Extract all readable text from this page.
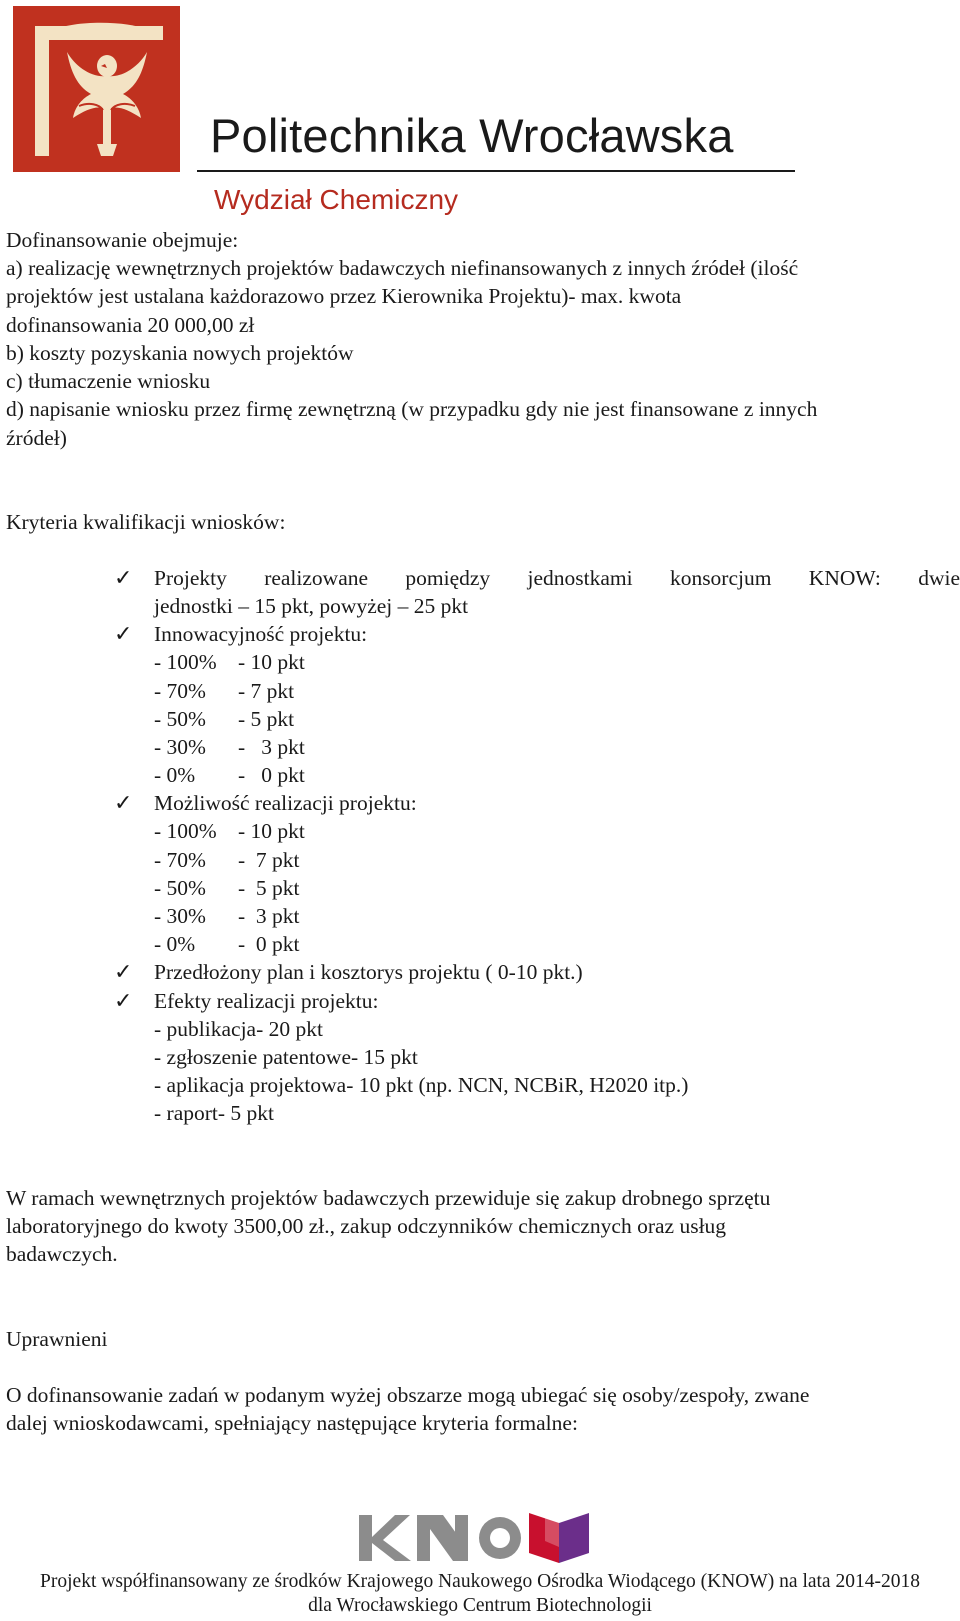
Politechnika Wrocławska
Wydział Chemiczny
Dofinansowanie obejmuje:
a) realizację wewnętrznych projektów badawczych niefinansowanych z innych źródeł (ilość
projektów jest ustalana każdorazowo przez Kierownika Projektu)- max. kwota
dofinansowania 20 000,00 zł
b) koszty pozyskania nowych projektów
c) tłumaczenie wniosku
d) napisanie wniosku przez firmę zewnętrzną (w przypadku gdy nie jest finansowane z innych
źródeł)
Kryteria kwalifikacji wniosków:
✓ Projekty realizowane pomiędzy jednostkami konsorcjum KNOW: dwie
jednostki – 15 pkt, powyżej – 25 pkt
✓ Innowacyjność projektu:
- 100% - 10 pkt
- 70% - 7 pkt
- 50% - 5 pkt
- 30% -   3 pkt
- 0% -   0 pkt
✓ Możliwość realizacji projektu:
- 100% - 10 pkt
- 70% -  7 pkt
- 50% -  5 pkt
- 30% -  3 pkt
- 0% -  0 pkt
✓ Przedłożony plan i kosztorys projektu ( 0-10 pkt.)
✓ Efekty realizacji projektu:
- publikacja- 20 pkt
- zgłoszenie patentowe- 15 pkt
- aplikacja projektowa- 10 pkt (np. NCN, NCBiR, H2020 itp.)
- raport- 5 pkt
W ramach wewnętrznych projektów badawczych przewiduje się zakup drobnego sprzętu
laboratoryjnego do kwoty 3500,00 zł., zakup odczynników chemicznych oraz usług
badawczych.
Uprawnieni
O dofinansowanie zadań w podanym wyżej obszarze mogą ubiegać się osoby/zespoły, zwane
dalej wnioskodawcami, spełniający następujące kryteria formalne:
Projekt współfinansowany ze środków Krajowego Naukowego Ośrodka Wiodącego (KNOW) na lata 2014-2018
dla Wrocławskiego Centrum Biotechnologii
